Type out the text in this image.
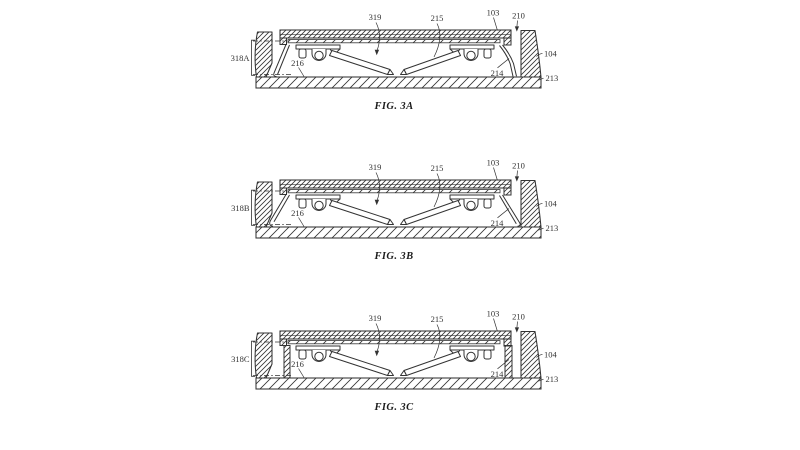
318A
319	215
103 210
104
213
214
216
FIG. 3A
318B
319	215
103 210
104
213
214
216
FIG. 3B
318C
319	215
103 210
104
213
214
216
FIG. 3C
